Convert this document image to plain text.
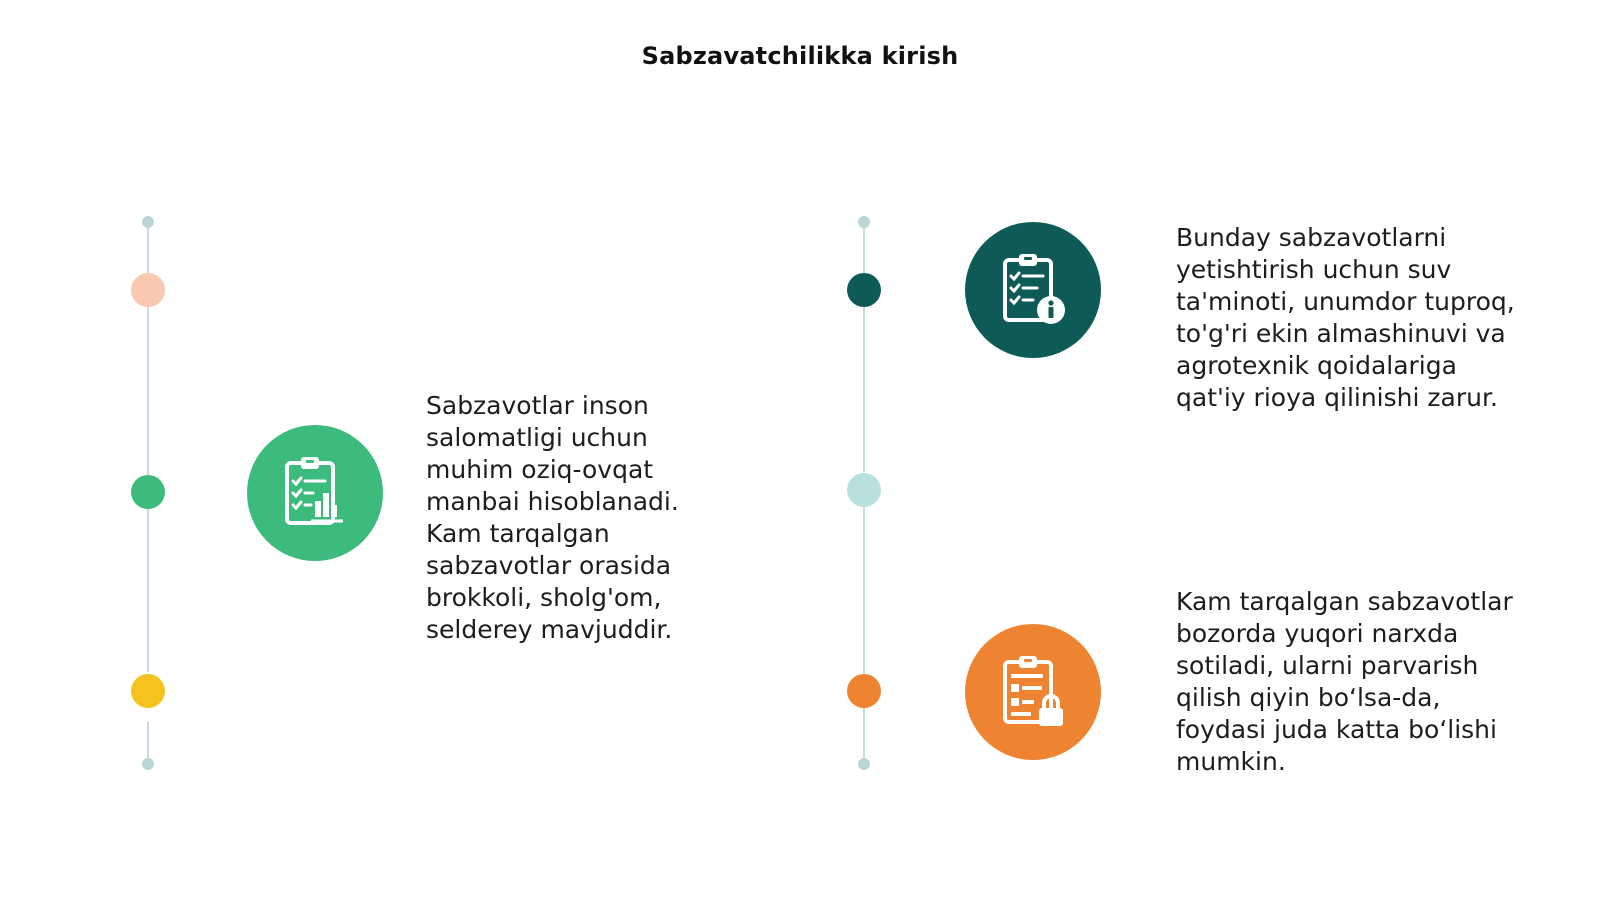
Sabzavatchilikka kirish
Sabzavotlar inson
salomatligi uchun
muhim oziq-ovqat
manbai hisoblanadi.
Kam tarqalgan
sabzavotlar orasida
brokkoli, sholg'om,
selderey mavjuddir.
Bunday sabzavotlarni
yetishtirish uchun suv
ta'minoti, unumdor tuproq,
to'g'ri ekin almashinuvi va
agrotexnik qoidalariga
qat'iy rioya qilinishi zarur.
Kam tarqalgan sabzavotlar
bozorda yuqori narxda
sotiladi, ularni parvarish
qilish qiyin bo‘lsa-da,
foydasi juda katta bo‘lishi
mumkin.
